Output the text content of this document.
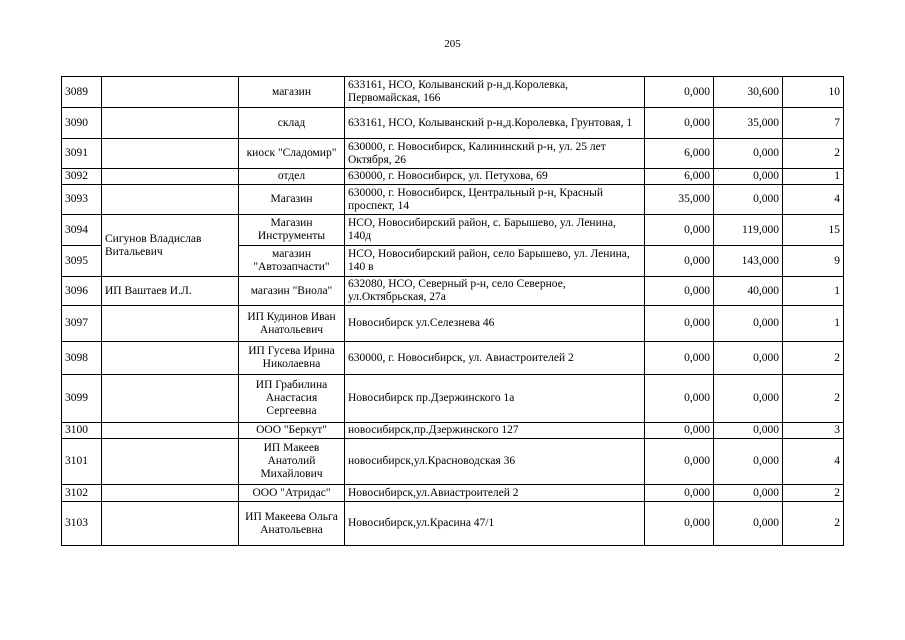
205
3089		магазин	633161, НСО, Колыванский р-н,д.Королевка, Первомайская, 166	0,000	30,600	10
3090		склад	633161, НСО, Колыванский р-н,д.Королевка, Грунтовая, 1	0,000	35,000	7
3091		киоск "Сладомир"	630000, г. Новосибирск, Калининский р-н, ул. 25 лет Октября, 26	6,000	0,000	2
3092		отдел	630000, г. Новосибирск, ул. Петухова, 69	6,000	0,000	1
3093		Магазин	630000, г. Новосибирск, Центральный р-н, Красный проспект, 14	35,000	0,000	4
3094	Сигунов Владислав Витальевич	Магазин Инструменты	НСО, Новосибирский район, с. Барышево, ул. Ленина, 140д	0,000	119,000	15
3095		магазин "Автозапчасти"	НСО, Новосибирский район, село Барышево, ул. Ленина, 140 в	0,000	143,000	9
3096	ИП Ваштаев И.Л.	магазин "Виола"	632080, НСО, Северный р-н, село Северное, ул.Октябрьская, 27а	0,000	40,000	1
3097		ИП Кудинов Иван Анатольевич	Новосибирск ул.Селезнева 46	0,000	0,000	1
3098		ИП Гусева Ирина Николаевна	630000, г. Новосибирск, ул. Авиастроителей 2	0,000	0,000	2
3099		ИП Грабилина Анастасия Сергеевна	Новосибирск пр.Дзержинского 1а	0,000	0,000	2
3100		ООО "Беркут"	новосибирск,пр.Дзержинского 127	0,000	0,000	3
3101		ИП Макеев Анатолий Михайлович	новосибирск,ул.Красноводская 36	0,000	0,000	4
3102		ООО "Атридас"	Новосибирск,ул.Авиастроителей 2	0,000	0,000	2
3103		ИП Макеева Ольга Анатольевна	Новосибирск,ул.Красина 47/1	0,000	0,000	2
